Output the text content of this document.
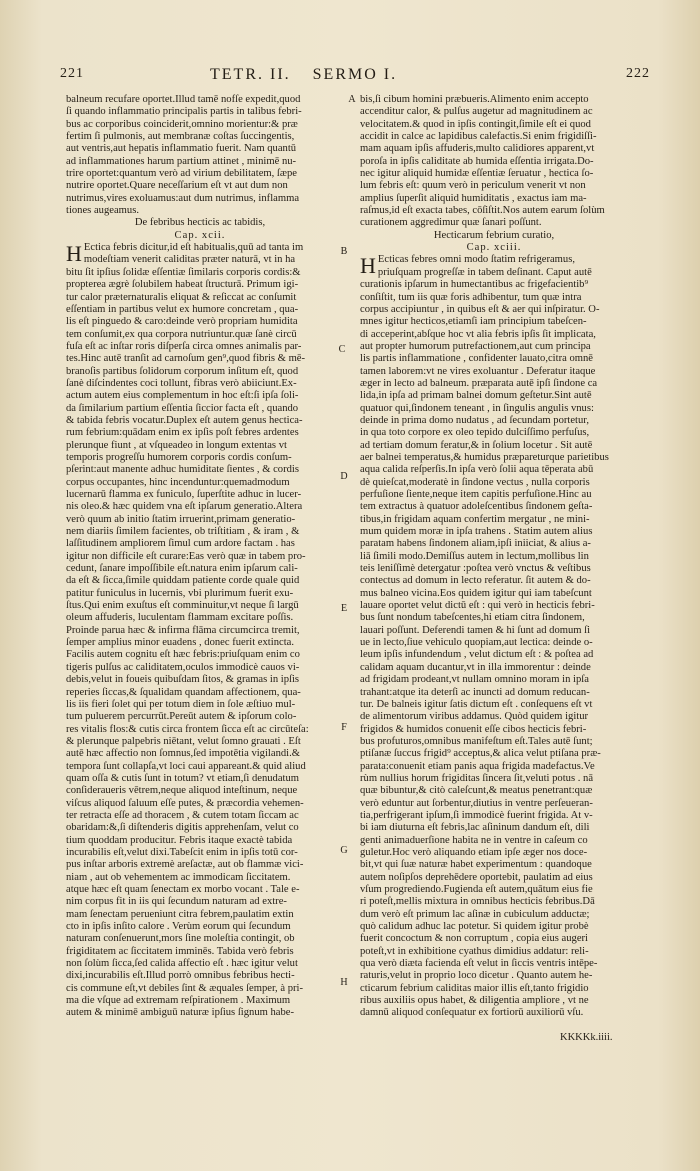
221	TETR. II. SERMO I.	222
balneum recufare oportet.Illud tamē nofſe expedit,quod
ſi quando inflammatio principalis partis in talibus febri-
bus ac corporibus coinciderit,omnino morientur:& præ
fertim ſi pulmonis, aut membranæ coſtas ſuccingentis,
aut ventris,aut hepatis inflammatio fuerit. Nam quantū
ad inflammationes harum partium attinet , minimē nu-
trire oportet:quantum verò ad virium debilitatem, ſæpe
nutrire oportet.Quare neceſſarium eſt vt aut dum non
nutrimus,vires exoluamus:aut dum nutrimus, inflamma
tiones augeamus.
De febribus hecticis ac tabidis,
Cap. xcii.
H Ectica febris dicitur,id eſt habitualis,quū ad tanta im
modeſtiam venerit caliditas præter naturā, vt in ha
bitu ſit ipſius ſolidæ eſſentiæ ſimilaris corporis cordis:&
propterea ægrè ſolubilem habeat ſtructurā. Primum igi-
tur calor præternaturalis eliquat & reſiccat ac conſumit
eſſentiam in partibus velut ex humore concretam , qua-
lis eſt pinguedo & caro:deinde verò propriam humidita
tem conſumit,ex qua corpora nutriuntur.quæ ſanè circū
fuſa eſt ac inſtar roris diſperſa circa omnes animalis par-
tes.Hinc autē tranſit ad carnoſum gen⁹,quod fibris & mē-
branoſis partibus ſolidorum corporum inſitum eſt, quod
ſanè diſcindentes coci tollunt, fibras verò abiiciunt.Ex-
actum autem eius complementum in hoc eſt:ſi ipſa ſoli-
da ſimilarium partium eſſentia ſiccior facta eſt , quando
& tabida febris vocatur.Duplex eſt autem genus hectica-
rum febrium:quādam enim ex ipſis poſt febres ardentes
plerunque fiunt , at vſqueadeo in longum extentas vt
temporis progreſſu humorem corporis cordis conſum-
pſerint:aut manente adhuc humiditate ſientes , & cordis
corpus occupantes, hinc incenduntur:quemadmodum
lucernarū flamma ex funiculo, ſuperſtite adhuc in lucer-
nis oleo.& hæc quidem vna eſt ipſarum generatio.Altera
verò quum ab initio ſtatim irruerint,primam generatio-
nem diariis ſimilem facientes, ob triſtitiam , & iram , &
laſſitudinem ampliorem ſimul cum ardore factam . has
igitur non difficile eſt curare:Eas verò quæ in tabem pro-
cedunt, ſanare impoſſibile eſt.natura enim ipſarum cali-
da eſt & ſicca,ſimile quiddam patiente corde quale quid
patitur funiculus in lucernis, vbi plurimum fuerit exu-
ſtus.Qui enim exuſtus eſt comminuitur,vt neque ſi largū
oleum affuderis, luculentam flammam excitare poſſis.
Proinde parua hæc & infirma flāma circumcirca tremit,
ſemper amplius minor euadens , donec fuerit extincta.
Facilis autem cognitu eſt hæc febris:priuſquam enim co
tigeris pulſus ac caliditatem,oculos immodicè cauos vi-
debis,velut in foueis quibuſdam ſitos, & gramas in ipſis
reperies ſiccas,& ſqualidam quandam affectionem, qua-
lis iis fieri ſolet qui per totum diem in ſole æſtiuo mul-
tum puluerem percurrūt.Pereūt autem & ipſorum colo-
res vitalis flos:& cutis circa frontem ſicca eſt ac circūteſa:
& plerunque palpebris niētant, velut ſomno grauati . Eſt
autē hæc affectio non ſomnus,ſed impotētia vigilandi.&
tempora ſunt collapſa,vt loci caui appareant.& quid aliud
quam oſſa & cutis ſunt in totum? vt etiam,ſi denudatum
conſideraueris vētrem,neque aliquod inteſtinum, neque
viſcus aliquod ſaluum eſſe putes, & præcordia vehemen-
ter retracta eſſe ad thoracem , & cutem totam ſiccam ac
obaridam:&,ſi diſtenderis digitis apprehenſam, velut co
tium quoddam producitur. Febris itaque exactè tabida
incurabilis eſt,velut dixi.Tabeſcit enim in ipſis totū cor-
pus inſtar arboris extremè areſactæ, aut ob flammæ vici-
niam , aut ob vehementem ac immodicam ſiccitatem.
atque hæc eſt quam ſenectam ex morbo vocant . Tale e-
nim corpus fit in iis qui ſecundum naturam ad extre-
mam ſenectam perueniunt citra febrem,paulatim extin
cto in ipſis inſito calore . Verùm eorum qui ſecundum
naturam conſenuerunt,mors ſine moleſtia contingit, ob
frigiditatem ac ſiccitatem imminēs. Tabida verò febris
non ſolùm ſicca,ſed calida affectio eſt . hæc igitur velut
dixi,incurabilis eſt.Illud porrò omnibus febribus hecti-
cis commune eſt,vt debiles ſint & æquales ſemper, à pri-
ma die vſque ad extremam reſpirationem . Maximum
autem & minimē ambiguū naturæ ipſius ſignum habe-
bis,ſi cibum homini præbueris.Alimento enim accepto
accenditur calor, & pulſus augetur ad magnitudinem ac
velocitatem.& quod in ipſis contingit,ſimile eſt ei quod
accidit in calce ac lapidibus calefactis.Si enim frigidiſſi-
mam aquam ipſis affuderis,multo calidiores apparent,vt
poroſa in ipſis caliditate ab humida eſſentia irrigata.Do-
nec igitur aliquid humidæ eſſentiæ ſeruatur , hectica ſo-
lum febris eſt: quum verò in periculum venerit vt non
amplius ſuperſit aliquid humiditatis , exactus iam ma-
raſmus,id eſt exacta tabes, cōſiſtit.Nos autem earum ſolùm
curationem aggredimur quæ ſanari poſſunt.
Hecticarum febrium curatio,
Cap. xciii.
H Ecticas febres omni modo ſtatim refrigeramus,
priuſquam progreſſæ in tabem deſinant. Caput autē
curationis ipſarum in humectantibus ac frigefacientib⁹
conſiſtit, tum iis quæ foris adhibentur, tum quæ intra
corpus accipiuntur , in quibus eſt & aer qui inſpiratur. O-
mnes igitur hecticos,etiamſi iam principium tabeſcen-
di acceperint,abſque hoc vt alia febris ipſis ſit implicata,
aut propter humorum putrefactionem,aut cum principa
lis partis inflammatione , confidenter lauato,citra omnē
tamen laborem:vt ne vires exoluantur . Deferatur itaque
æger in lecto ad balneum. præparata autē ipſi ſindone ca
lida,in ipſa ad primam balnei domum geſtetur.Sint autē
quatuor qui,ſindonem teneant , in ſingulis angulis vnus:
deinde in prima domo nudatus , ad ſecundam portetur,
in qua toto corpore ex oleo tepido dulciſſimo perfuſus,
ad tertiam domum feratur,& in ſolium locetur . Sit autē
aer balnei temperatus,& humidus præpareturque parietibus
aqua calida reſperſis.In ipſa verò ſolii aqua tēperata abū
dè quieſcat,moderatè in ſindone vectus , nulla corporis
perfuſione ſiente,neque item capitis perfuſione.Hinc au
tem extractus à quatuor adoleſcentibus ſindonem geſta-
tibus,in frigidam aquam confertim mergatur , ne mini-
mum quidem moræ in ipſa trahens . Statim autem alius
paratam habens ſindonem aliam,ipſi iniiciat, & alius a-
liā ſimili modo.Demiſſus autem in lectum,mollibus lin
teis leniſſimè detergatur :poſtea verò vnctus & veſtibus
contectus ad domum in lecto referatur. ſit autem & do-
mus balneo vicina.Eos quidem igitur qui iam tabeſcunt
lauare oportet velut dictū eſt : qui verò in hecticis febri-
bus ſunt nondum tabeſcentes,hi etiam citra ſindonem,
lauari poſſunt. Deferendi tamen & hi ſunt ad domum ſi
ue in lecto,ſiue vehiculo quopiam,aut lectica: deinde o-
leum ipſis infundendum , velut dictum eſt : & poſtea ad
calidam aquam ducantur,vt in illa immorentur : deinde
ad frigidam prodeant,vt nullam omnino moram in ipſa
trahant:atque ita deterſi ac inuncti ad domum reducan-
tur. De balneis igitur ſatis dictum eſt . conſequens eſt vt
de alimentorum viribus addamus. Quòd quidem igitur
frigidos & humidos conuenit eſſe cibos hecticis febri-
bus profuturos,omnibus manifeſtum eſt.Tales autē ſunt;
ptiſanæ ſuccus frigid⁹ acceptus,& alica velut ptiſana præ-
parata:conuenit etiam panis aqua frigida madefactus.Ve
rùm nullius horum frigiditas ſincera ſit,veluti potus . nā
quæ bibuntur,& citò caleſcunt,& meatus penetrant:quæ
verò eduntur aut ſorbentur,diutius in ventre perſeueran-
tia,perfrigerant ipſum,ſi immodicè fuerint frigida. At v-
bi iam diuturna eſt febris,lac aſininum dandum eſt, dili
genti animaduerſione habita ne in ventre in caſeum co
guletur.Hoc verò aliquando etiam ipſe æger nos doce-
bit,vt qui ſuæ naturæ habet experimentum : quandoque
autem noſipſos deprehēdere oportebit, paulatim ad eius
vſum progrediendo.Fugienda eſt autem,quātum eius fie
ri poteſt,mellis mixtura in omnibus hecticis febribus.Dā
dum verò eſt primum lac aſinæ in cubiculum adductæ;
quò calidum adhuc lac potetur. Si quidem igitur probè
fuerit concoctum & non corruptum , copia eius augeri
poteſt,vt in exhibitione cyathus dimidius addatur: reli-
qua verò diæta facienda eſt velut in ſiccis ventris intēpe-
raturis,velut in proprio loco dicetur . Quanto autem he-
cticarum febrium caliditas maior illis eſt,tanto frigidio
ribus auxiliis opus habet, & diligentia ampliore , vt ne
damnū aliquod conſequatur ex fortiorū auxiliorū vſu.
A
B
C
D
E
F
G
H
KKKKk.iiii.
